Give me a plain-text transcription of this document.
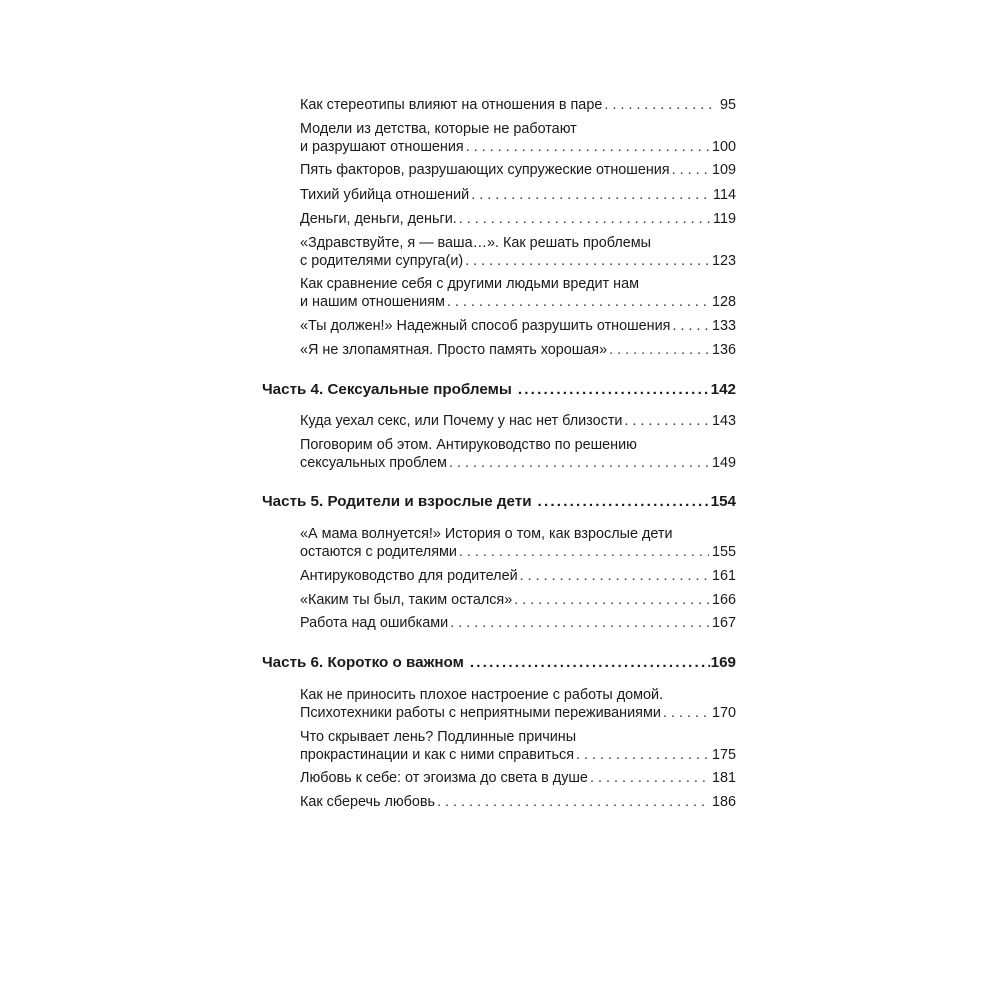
Как стереотипы влияют на отношения в паре . . .	95
Модели из детства, которые не работают
и разрушают отношения . . .	100
Пять факторов, разрушающих супружеские отношения . . .	109
Тихий убийца отношений . . .	114
Деньги, деньги, деньги. . . .	119
«Здравствуйте, я — ваша…». Как решать проблемы
с родителями супруга(и) . . .	123
Как сравнение себя с другими людьми вредит нам
и нашим отношениям . . .	128
«Ты должен!» Надежный способ разрушить отношения . . .	133
«Я не злопамятная. Просто память хорошая» . . .	136
Часть 4. Сексуальные проблемы .....	142
Куда уехал секс, или Почему у нас нет близости . . .	143
Поговорим об этом. Антируководство по решению
сексуальных проблем . . .	149
Часть 5. Родители и взрослые дети .....	154
«А мама волнуется!» История о том, как взрослые дети
остаются с родителями . . .	155
Антируководство для родителей . . .	161
«Каким ты был, таким остался» . . .	166
Работа над ошибками . . .	167
Часть 6. Коротко о важном .....	169
Как не приносить плохое настроение с работы домой.
Психотехники работы с неприятными переживаниями . . .	170
Что скрывает лень? Подлинные причины
прокрастинации и как с ними справиться . . .	175
Любовь к себе: от эгоизма до света в душе . . .	181
Как сберечь любовь . . .	186
